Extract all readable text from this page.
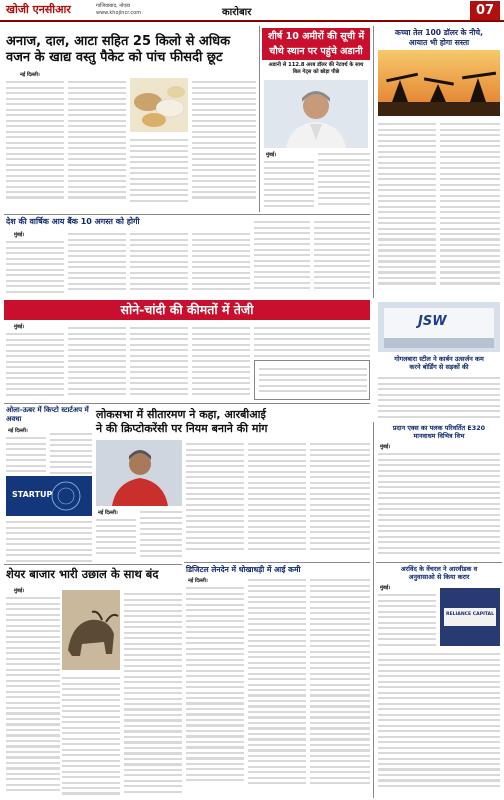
खोजी एनसीआर	गाजियाबाद, नोएडा
www.khojincr.com	कारोबार	07
अनाज, दाल, आटा सहित 25 किलो से अधिक
वजन के खाद्य वस्तु पैकेट को पांच फीसदी छूट
नई दिल्ली।
शीर्ष 10 अमीरों की सूची में
चौथे स्थान पर पहुंचे अडानी
अडानी से 112.8 अरब डॉलर की नेटवर्थ के साथ बिल गेट्स को छोड़ा पीछे
मुंबई।
कच्चा तेल 100 डॉलर के नीचे,
आयात भी होगा सस्ता
देश की वार्षिक आय बैंक 10 अगस्त को होगी
मुंबई।
सोने-चांदी की कीमतों में तेजी
मुंबई।	JSW
गोगलबारा स्टील ने कार्बन उत्सर्जन कम
करने बोर्डिंग से सड़कों की
ओला-ऊबर में किप्टो स्टार्टअप में अवधा
नई दिल्ली।
STARTUP
लोकसभा में सीतारमण ने कहा, आरबीआई
ने की क्रिप्टोकरेंसी पर नियम बनाने की मांग
नई दिल्ली।
प्रदान एक्स का पलक परिवर्तित E320
मानवाधम विभित्र विभ
मुंबई।
डिजिटल लेनदेन में धोखाधड़ी में आई कमी
नई दिल्ली।
शेयर बाजार भारी उछाल के साथ बंद
मुंबई।
अरविंद के वेंचरल ने आरवीडक व
अनुवासाओ से किया करार
मुंबई।
RELIANCE CAPITAL
